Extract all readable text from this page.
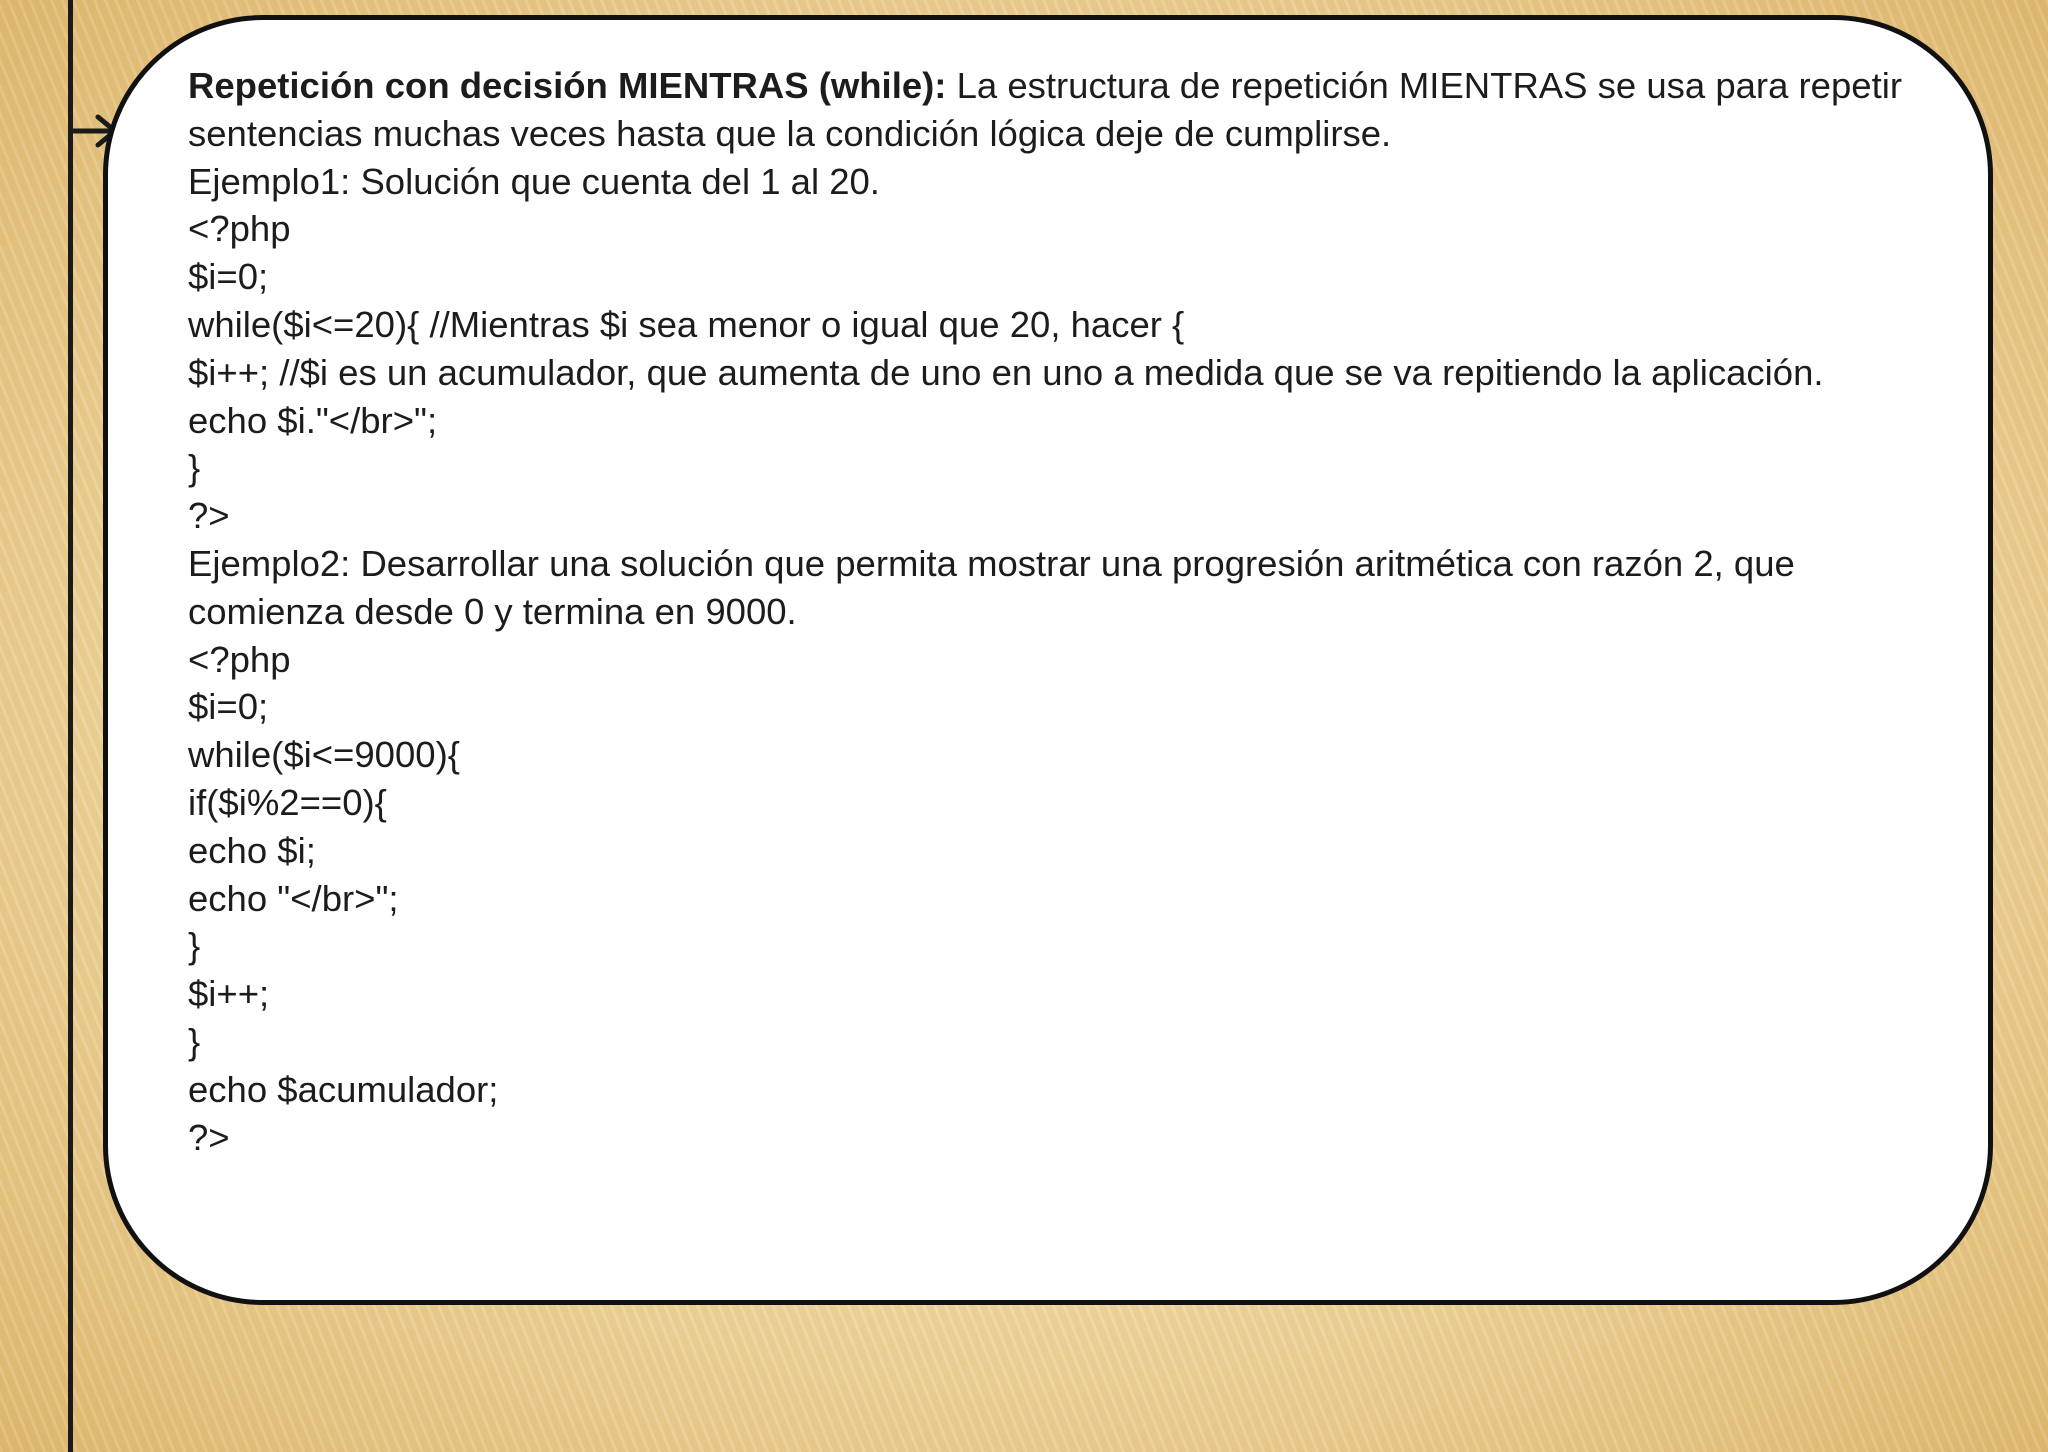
Repetición con decisión MIENTRAS (while): La estructura de repetición MIENTRAS se usa para repetir sentencias muchas veces hasta que la condición lógica deje de cumplirse.

Ejemplo1: Solución que cuenta del 1 al 20.

<?php

$i=0;

while($i<=20){ //Mientras $i sea menor o igual que 20, hacer {

$i++; //$i es un acumulador, que aumenta de uno en uno a medida que se va repitiendo la aplicación.

echo $i."</br>";

}

?>

Ejemplo2: Desarrollar una solución que permita mostrar una progresión aritmética con razón 2, que comienza desde 0 y termina en 9000.

<?php

$i=0;

while($i<=9000){

if($i%2==0){

echo $i;

echo "</br>";

}

$i++;

}

echo $acumulador;

?>
